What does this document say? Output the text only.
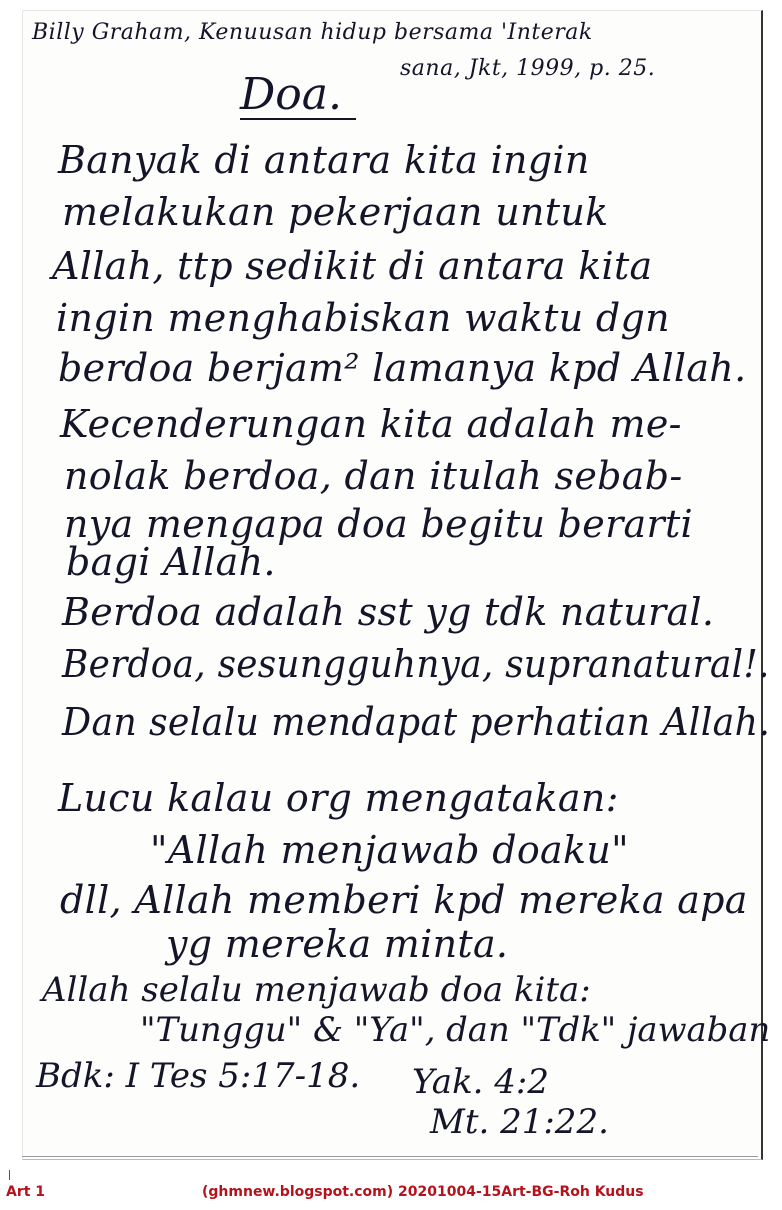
Billy Graham, Kenuusan hidup bersama 'Interak
sana, Jkt, 1999, p. 25.
Doa.
Banyak di antara kita ingin
melakukan pekerjaan untuk
Allah, ttp sedikit di antara kita
ingin menghabiskan waktu dgn
berdoa berjam² lamanya kpd Allah.
Kecenderungan kita adalah me-
nolak berdoa, dan itulah sebab-
nya mengapa doa begitu berarti
bagi Allah.
Berdoa adalah sst yg tdk natural.
Berdoa, sesungguhnya, supranatural!.
Dan selalu mendapat perhatian Allah.
Lucu kalau org mengatakan:
"Allah menjawab doaku"
dll, Allah memberi kpd mereka apa
yg mereka minta.
Allah selalu menjawab doa kita:
"Tunggu" & "Ya", dan "Tdk" jawaban
Bdk: I Tes 5:17-18. Yak. 4:2
Mt. 21:22.
Art 1	(ghmnew.blogspot.com) 20201004-15Art-BG-Roh Kudus
